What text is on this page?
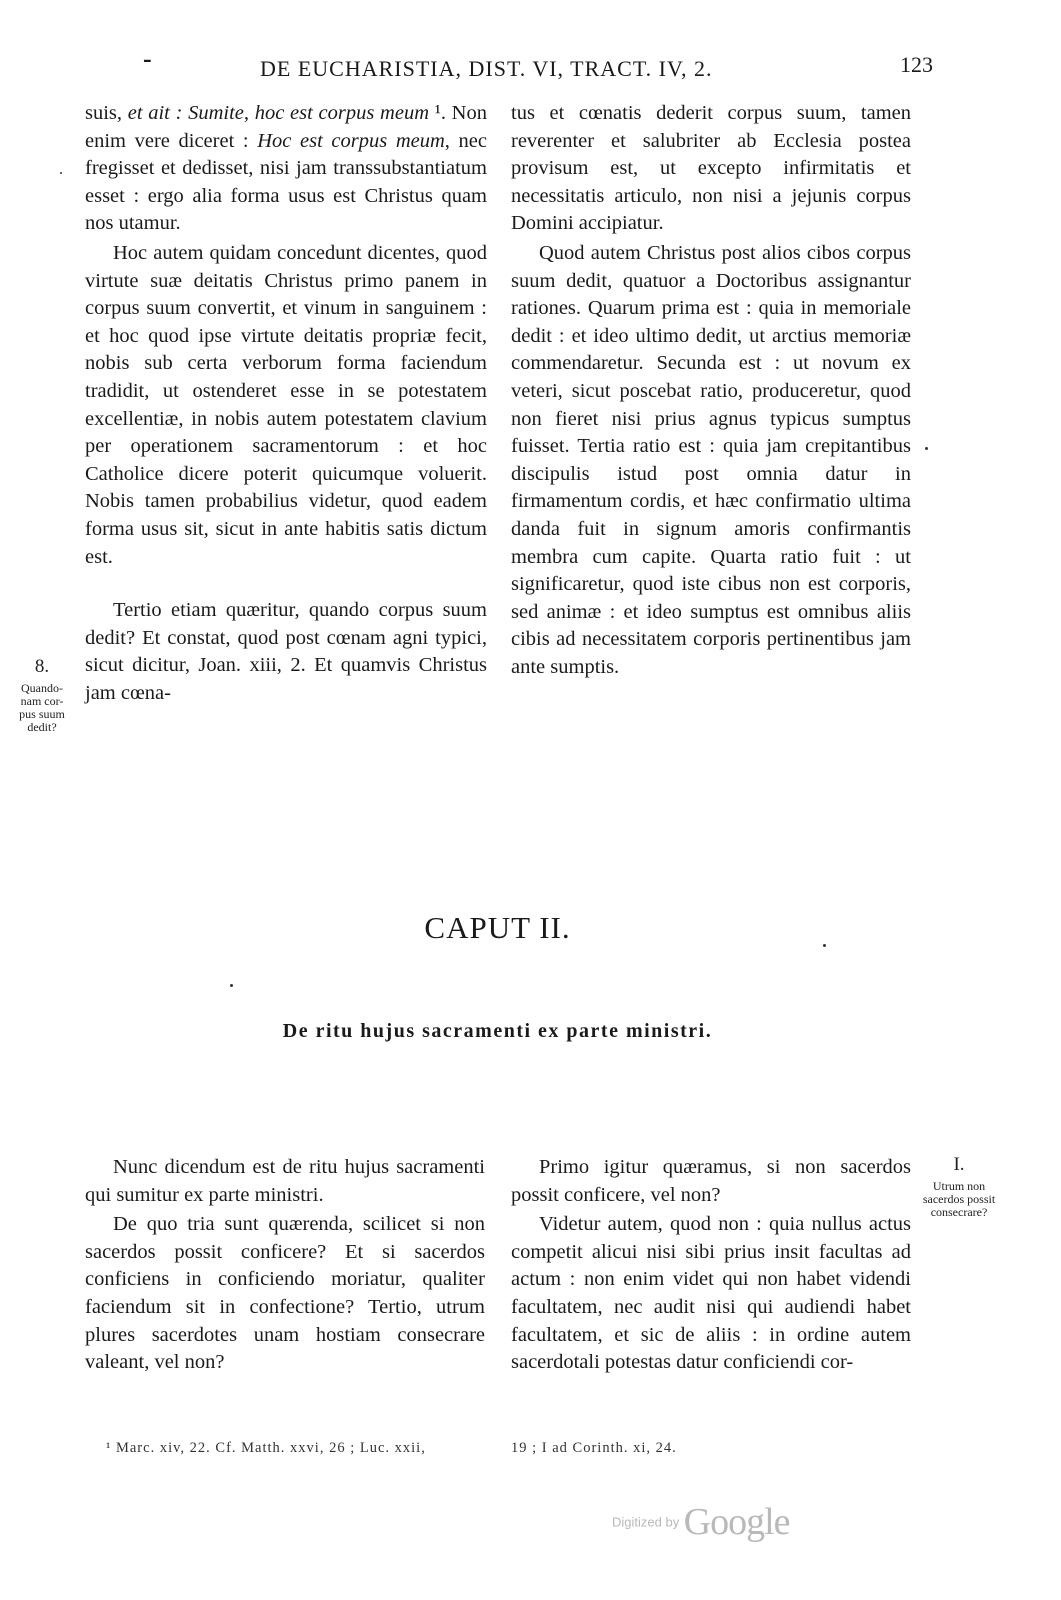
-	DE EUCHARISTIA, DIST. VI, TRACT. IV, 2.	123

suis, et ait : Sumite, hoc est corpus meum ¹. Non enim vere diceret : Hoc est corpus meum, nec fregisset et dedisset, nisi jam transsubstantiatum esset : ergo alia forma usus est Christus quam nos utamur.

Hoc autem quidam concedunt dicentes, quod virtute suæ deitatis Christus primo panem in corpus suum convertit, et vinum in sanguinem : et hoc quod ipse virtute deitatis propriæ fecit, nobis sub certa verborum forma faciendum tradidit, ut ostenderet esse in se potestatem excellentiæ, in nobis autem potestatem clavium per operationem sacramentorum : et hoc Catholice dicere poterit quicumque voluerit. Nobis tamen probabilius videtur, quod eadem forma usus sit, sicut in ante habitis satis dictum est.

Tertio etiam quæritur, quando corpus suum dedit? Et constat, quod post cœnam agni typici, sicut dicitur, Joan. xiii, 2. Et quamvis Christus jam cœna-

8.
Quando-nam cor-pus suum dedit?

tus et cœnatis dederit corpus suum, tamen reverenter et salubriter ab Ecclesia postea provisum est, ut excepto infirmitatis et necessitatis articulo, non nisi a jejunis corpus Domini accipiatur.

Quod autem Christus post alios cibos corpus suum dedit, quatuor a Doctoribus assignantur rationes. Quarum prima est : quia in memoriale dedit : et ideo ultimo dedit, ut arctius memoriæ commendaretur. Secunda est : ut novum ex veteri, sicut poscebat ratio, produceretur, quod non fieret nisi prius agnus typicus sumptus fuisset. Tertia ratio est : quia jam crepitantibus discipulis istud post omnia datur in firmamentum cordis, et hæc confirmatio ultima danda fuit in signum amoris confirmantis membra cum capite. Quarta ratio fuit : ut significaretur, quod iste cibus non est corporis, sed animæ : et ideo sumptus est omnibus aliis cibis ad necessitatem corporis pertinentibus jam ante sumptis.

CAPUT II.
De ritu hujus sacramenti ex parte ministri.

Nunc dicendum est de ritu hujus sacramenti qui sumitur ex parte ministri.

De quo tria sunt quærenda, scilicet si non sacerdos possit conficere? Et si sacerdos conficiens in conficiendo moriatur, qualiter faciendum sit in confectione? Tertio, utrum plures sacerdotes unam hostiam consecrare valeant, vel non?

Primo igitur quæramus, si non sacerdos possit conficere, vel non?

Videtur autem, quod non : quia nullus actus competit alicui nisi sibi prius insit facultas ad actum : non enim videt qui non habet videndi facultatem, nec audit nisi qui audiendi habet facultatem, et sic de aliis : in ordine autem sacerdotali potestas datur conficiendi cor-

I.
Utrum non sacerdos possit consecrare?
¹ Marc. xiv, 22. Cf. Matth. xxvi, 26 ; Luc. xxii,	19 ; I ad Corinth. xi, 24.
Digitized by Google
